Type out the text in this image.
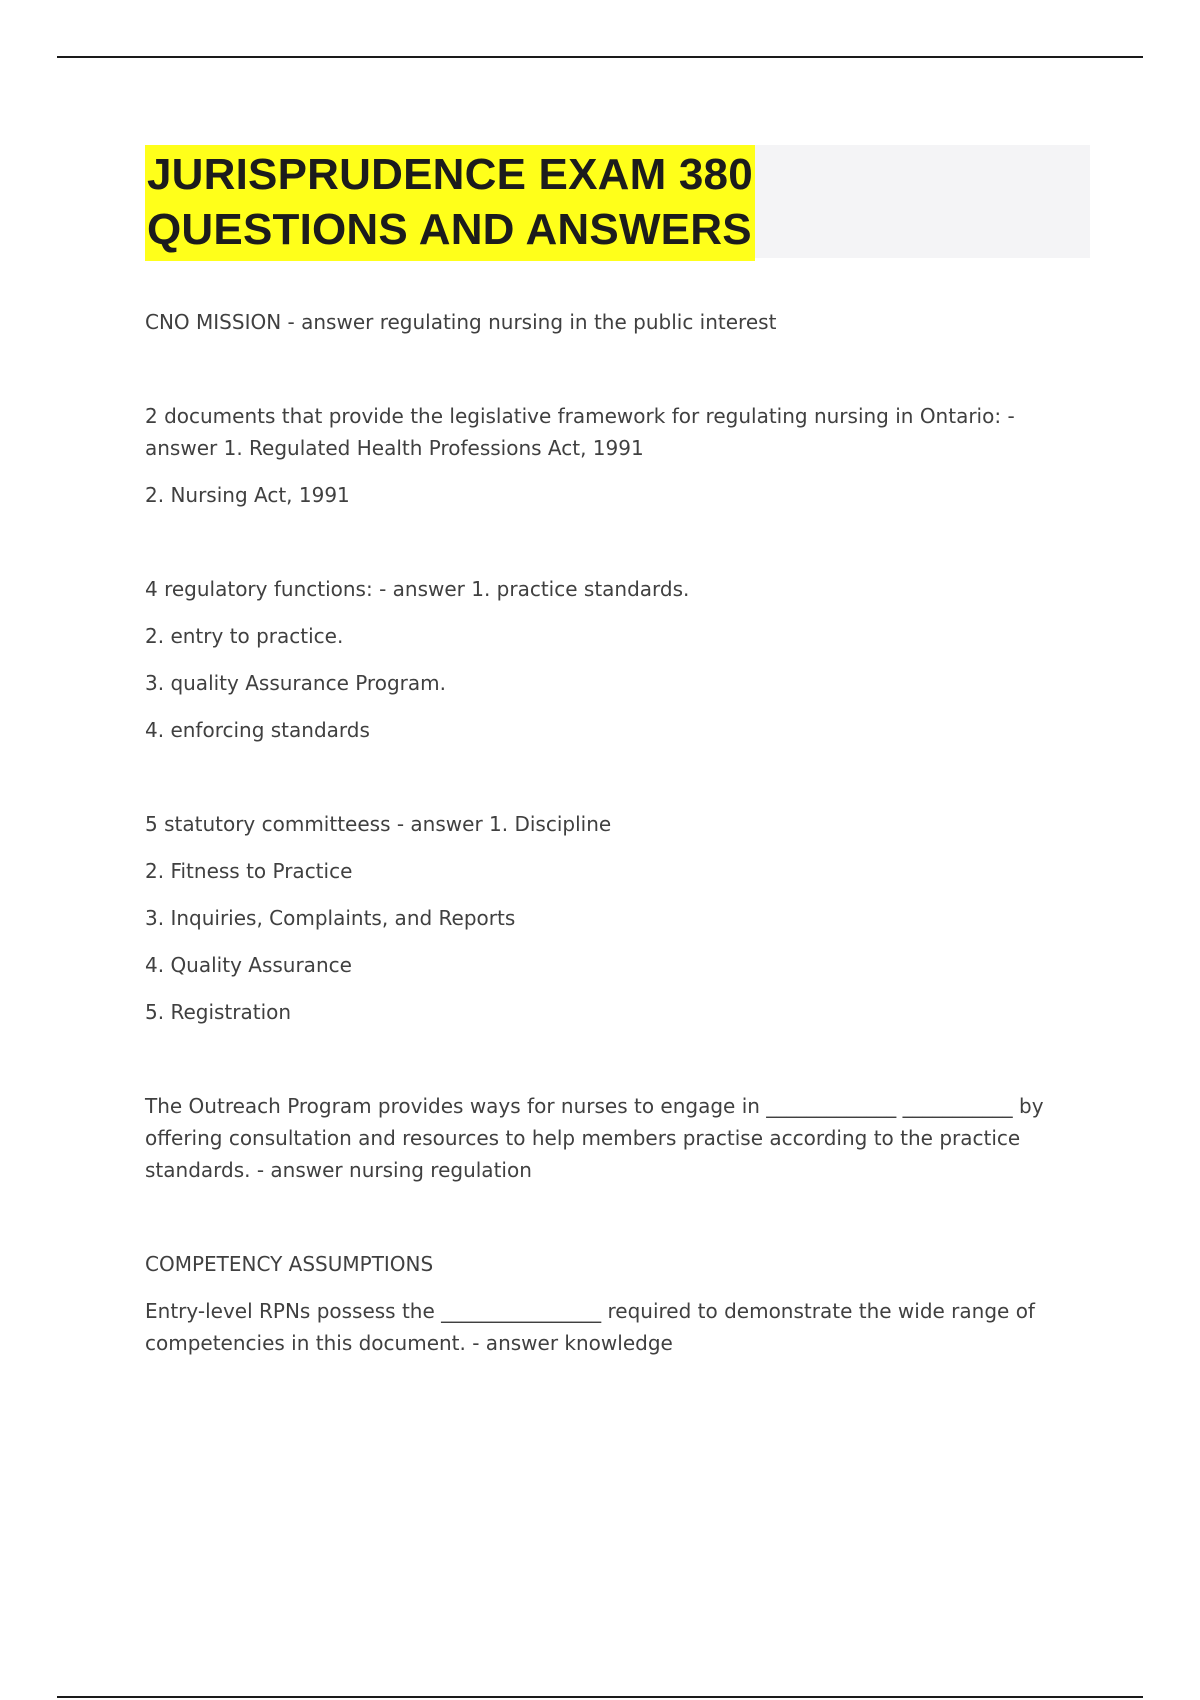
JURISPRUDENCE EXAM 380
QUESTIONS AND ANSWERS

CNO MISSION - answer regulating nursing in the public interest

2 documents that provide the legislative framework for regulating nursing in Ontario: - answer 1. Regulated Health Professions Act, 1991

2. Nursing Act, 1991

4 regulatory functions: - answer 1. practice standards.

2. entry to practice.

3. quality Assurance Program.

4. enforcing standards

5 statutory committeess - answer 1. Discipline

2. Fitness to Practice

3. Inquiries, Complaints, and Reports

4. Quality Assurance

5. Registration

The Outreach Program provides ways for nurses to engage in _____________ ___________ by offering consultation and resources to help members practise according to the practice standards. - answer nursing regulation

COMPETENCY ASSUMPTIONS

Entry-level RPNs possess the ________________ required to demonstrate the wide range of competencies in this document. - answer knowledge
